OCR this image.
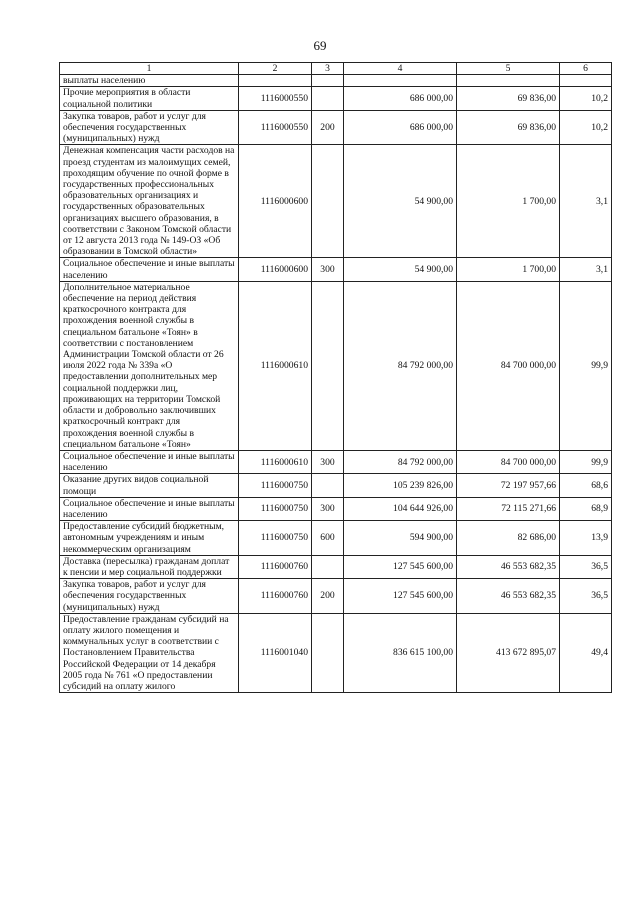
69
1	2	3	4	5	6
выплаты населению					
Прочие мероприятия в области социальной политики	1116000550		686 000,00	69 836,00	10,2
Закупка товаров, работ и услуг для обеспечения государственных (муниципальных) нужд	1116000550	200	686 000,00	69 836,00	10,2
Денежная компенсация части расходов на проезд студентам из малоимущих семей, проходящим обучение по очной форме в государственных профессиональных образовательных организациях и государственных образовательных организациях высшего образования, в соответствии с Законом Томской области от 12 августа 2013 года № 149-ОЗ «Об образовании в Томской области»	1116000600		54 900,00	1 700,00	3,1
Социальное обеспечение и иные выплаты населению	1116000600	300	54 900,00	1 700,00	3,1
Дополнительное материальное обеспечение на период действия краткосрочного контракта для прохождения военной службы в специальном батальоне «Тоян» в соответствии с постановлением Администрации Томской области от 26 июля 2022 года № 339а «О предоставлении дополнительных мер социальной поддержки лиц, проживающих на территории Томской области и добровольно заключивших краткосрочный контракт для прохождения военной службы в специальном батальоне «Тоян»	1116000610		84 792 000,00	84 700 000,00	99,9
Социальное обеспечение и иные выплаты населению	1116000610	300	84 792 000,00	84 700 000,00	99,9
Оказание других видов социальной помощи	1116000750		105 239 826,00	72 197 957,66	68,6
Социальное обеспечение и иные выплаты населению	1116000750	300	104 644 926,00	72 115 271,66	68,9
Предоставление субсидий бюджетным, автономным учреждениям и иным некоммерческим организациям	1116000750	600	594 900,00	82 686,00	13,9
Доставка (пересылка) гражданам доплат к пенсии и мер социальной поддержки	1116000760		127 545 600,00	46 553 682,35	36,5
Закупка товаров, работ и услуг для обеспечения государственных (муниципальных) нужд	1116000760	200	127 545 600,00	46 553 682,35	36,5
Предоставление гражданам субсидий на оплату жилого помещения и коммунальных услуг в соответствии с Постановлением Правительства Российской Федерации от 14 декабря 2005 года № 761 «О предоставлении субсидий на оплату жилого	1116001040		836 615 100,00	413 672 895,07	49,4
